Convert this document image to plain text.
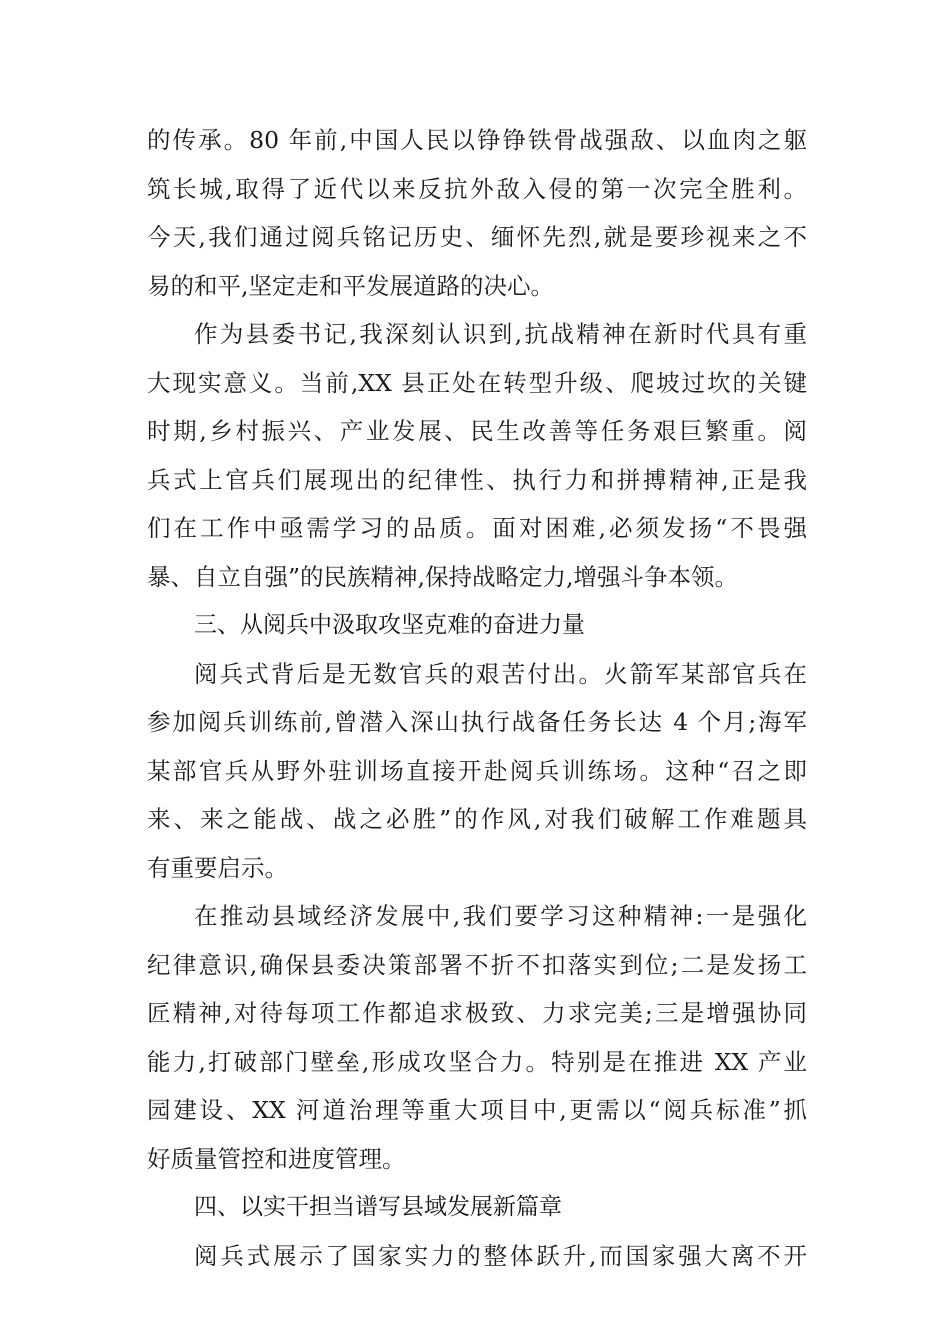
的传承。80 年前,中国人民以铮铮铁骨战强敌、以血肉之躯
筑长城,取得了近代以来反抗外敌入侵的第一次完全胜利。
今天,我们通过阅兵铭记历史、缅怀先烈,就是要珍视来之不
易的和平,坚定走和平发展道路的决心。
作为县委书记,我深刻认识到,抗战精神在新时代具有重
大现实意义。当前,XX 县正处在转型升级、爬坡过坎的关键
时期,乡村振兴、产业发展、民生改善等任务艰巨繁重。阅
兵式上官兵们展现出的纪律性、执行力和拼搏精神,正是我
们在工作中亟需学习的品质。面对困难,必须发扬“不畏强
暴、自立自强”的民族精神,保持战略定力,增强斗争本领。
三、从阅兵中汲取攻坚克难的奋进力量
阅兵式背后是无数官兵的艰苦付出。火箭军某部官兵在
参加阅兵训练前,曾潜入深山执行战备任务长达 4 个月;海军
某部官兵从野外驻训场直接开赴阅兵训练场。这种“召之即
来、来之能战、战之必胜”的作风,对我们破解工作难题具
有重要启示。
在推动县域经济发展中,我们要学习这种精神:一是强化
纪律意识,确保县委决策部署不折不扣落实到位;二是发扬工
匠精神,对待每项工作都追求极致、力求完美;三是增强协同
能力,打破部门壁垒,形成攻坚合力。特别是在推进 XX 产业
园建设、XX 河道治理等重大项目中,更需以“阅兵标准”抓
好质量管控和进度管理。
四、以实干担当谱写县域发展新篇章
阅兵式展示了国家实力的整体跃升,而国家强大离不开
